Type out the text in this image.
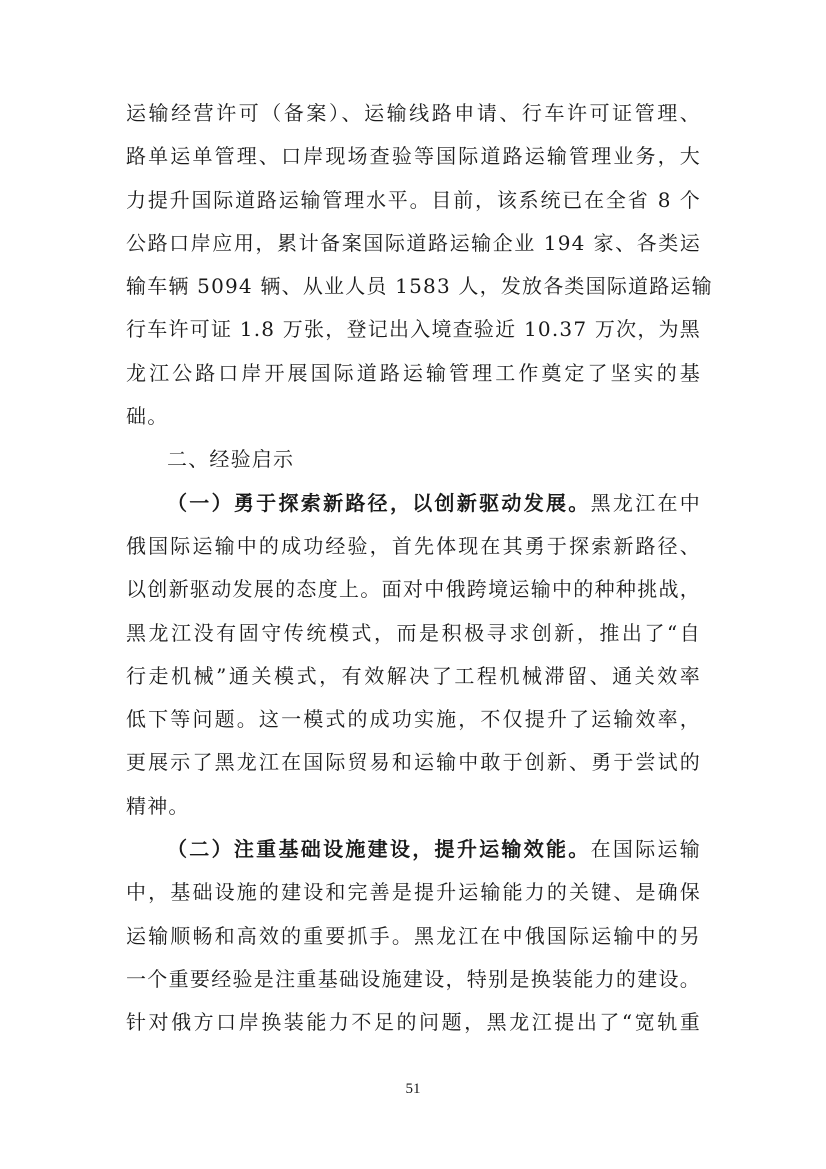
运输经营许可（备案）、运输线路申请、行车许可证管理、
路单运单管理、口岸现场查验等国际道路运输管理业务，大
力提升国际道路运输管理水平。目前，该系统已在全省 8 个
公路口岸应用，累计备案国际道路运输企业 194 家、各类运
输车辆 5094 辆、从业人员 1583 人，发放各类国际道路运输
行车许可证 1.8 万张，登记出入境查验近 10.37 万次，为黑
龙江公路口岸开展国际道路运输管理工作奠定了坚实的基
础。
二、经验启示
（一）勇于探索新路径，以创新驱动发展。黑龙江在中
俄国际运输中的成功经验，首先体现在其勇于探索新路径、
以创新驱动发展的态度上。面对中俄跨境运输中的种种挑战，
黑龙江没有固守传统模式，而是积极寻求创新，推出了“自
行走机械”通关模式，有效解决了工程机械滞留、通关效率
低下等问题。这一模式的成功实施，不仅提升了运输效率，
更展示了黑龙江在国际贸易和运输中敢于创新、勇于尝试的
精神。
（二）注重基础设施建设，提升运输效能。在国际运输
中，基础设施的建设和完善是提升运输能力的关键、是确保
运输顺畅和高效的重要抓手。黑龙江在中俄国际运输中的另
一个重要经验是注重基础设施建设，特别是换装能力的建设。
针对俄方口岸换装能力不足的问题，黑龙江提出了“宽轨重
51
